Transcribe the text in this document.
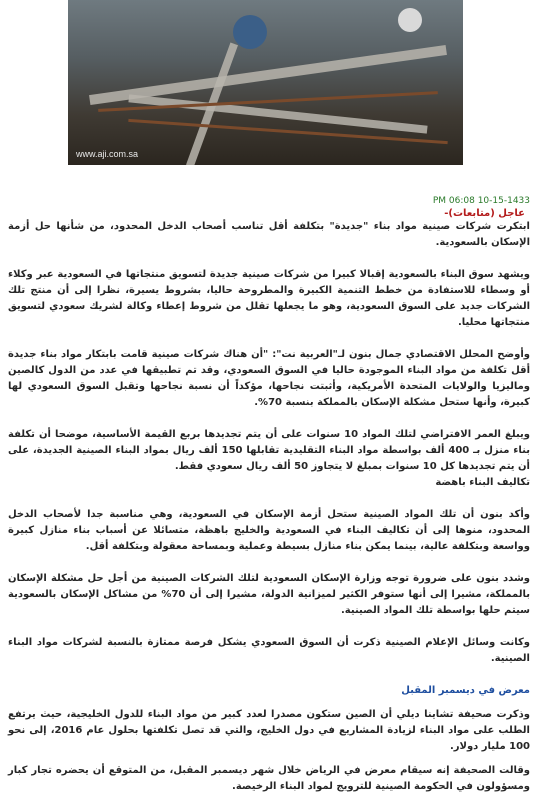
www.aji.com.sa
PM 06:08 10-15-1433
عاجل (متابعات)-

ابتكرت شركات صينية مواد بناء "جديدة" بتكلفة أقل تناسب أصحاب الدخل المحدود، من شأنها حل أزمة الإسكان بالسعودية.

ويشهد سوق البناء بالسعودية إقبالا كبيرا من شركات صينية جديدة لتسويق منتجاتها في السعودية عبر وكلاء أو وسطاء للاستفادة من خطط التنمية الكبيرة والمطروحة حاليا، بشروط يسيرة، نظرا إلى أن منتج تلك الشركات جديد على السوق السعودية، وهو ما يجعلها تقلل من شروط إعطاء وكالة لشريك سعودي لتسويق منتجاتها محليا.

وأوضح المحلل الاقتصادي جمال بنون لـ"العربية نت": "أن هناك شركات صينية قامت بابتكار مواد بناء جديدة أقل تكلفة من مواد البناء الموجودة حاليا في السوق السعودي، وقد تم تطبيقها في عدد من الدول كالصين وماليزيا والولايات المتحدة الأمريكية، وأثبتت نجاحها، مؤكداً أن نسبة نجاحها وتقبل السوق السعودي لها كبيرة، وأنها ستحل مشكلة الإسكان بالمملكة بنسبة 70%.

ويبلغ العمر الافتراضي لتلك المواد 10 سنوات على أن يتم تجديدها بربع القيمة الأساسية، موضحا أن تكلفة بناء منزل بـ 400 ألف بواسطة مواد البناء التقليدية تقابلها 150 ألف ريال بمواد البناء الصينية الجديدة، على أن يتم تجديدها كل 10 سنوات بمبلغ لا يتجاوز 50 ألف ريال سعودي فقط.

تكاليف البناء باهضة

وأكد بنون أن تلك المواد الصينية ستحل أزمة الإسكان في السعودية، وهي مناسبة جدا لأصحاب الدخل المحدود، منوها إلى أن تكاليف البناء في السعودية والخليج باهظة، متسائلا عن أسباب بناء منازل كبيرة وواسعة وبتكلفة عالية، بينما يمكن بناء منازل بسيطة وعملية وبمساحة معقولة وبتكلفة أقل.

وشدد بنون على ضرورة توجه وزارة الإسكان السعودية لتلك الشركات الصينية من أجل حل مشكلة الإسكان بالمملكة، مشيرا إلى أنها ستوفر الكثير لميزانية الدولة، مشيرا إلى أن 70% من مشاكل الإسكان بالسعودية سيتم حلها بواسطة تلك المواد الصينية.

وكانت وسائل الإعلام الصينية ذكرت أن السوق السعودي يشكل فرصة ممتازة بالنسبة لشركات مواد البناء الصينية.

معرض في ديسمبر المقبل

وذكرت صحيفة تشاينا ديلي أن الصين ستكون مصدرا لعدد كبير من مواد البناء للدول الخليجية، حيث يرتفع الطلب على مواد البناء لزيادة المشاريع في دول الخليج، والتي قد تصل تكلفتها بحلول عام 2016، إلى نحو 100 مليار دولار.

وقالت الصحيفة إنه سيقام معرض في الرياض خلال شهر ديسمبر المقبل، من المتوقع أن يحضره تجار كبار ومسؤولون في الحكومة الصينية للترويج لمواد البناء الرخيصة.
